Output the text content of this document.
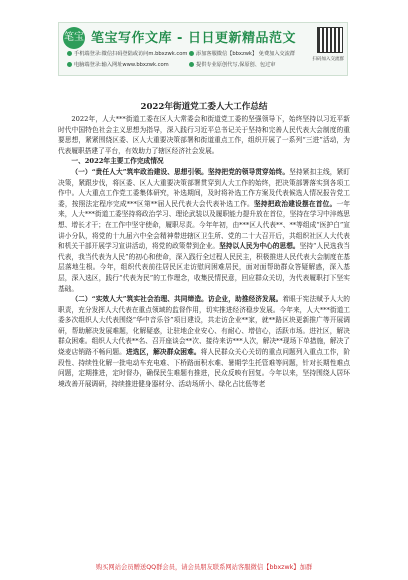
笔宝 笔宝写作文库 - 日日更新精品范文
手机端登录:微信扫码登陆或访问m.bbxzwk.com	添加客服微信【bbxzwk】 免费加入交流群
电脑端登录:输入网址www.bbxzwk.com	提供专业原创代写,保原创、包过审
扫码加入交流群
2022年街道党工委人大工作总结

2022年，人大***街道工委在区人大常委会和街道党工委的坚强领导下，始终坚持以习近平新时代中国特色社会主义思想为指导，深入践行习近平总书记关于坚持和完善人民代表大会制度的重要思想，紧紧围绕区委、区人大重要决策部署和街道重点工作，组织开展了一系列“三进”活动，为代表履职搭建了平台，有效助力了辖区经济社会发展。

一、2022年主要工作完成情况

（一）“贵任人大”筑牢政治建设、思想引领。坚持把党的领导贯穿始终。坚持紧扣主线，紧盯决策，紧跟步伐，将区委、区人大重要决策部署贯穿到人大工作的始终，把决策部署落实到各项工作中。人大重点工作党工委集体研究，补选期间，及时将补选工作方案及代表候选人情况报告党工委，按照法定程序完成***区第**届人民代表大会代表补选工作。坚持把政治建设摆在首位。一年来，人大***街道工委坚持将政治学习、理论武装以及履职能力提升放在首位，坚持在学习中淬炼思想、增长才干；在工作中坚守使命，履职尽责。今年年初，由***区人代表**、**等组成“医护白”宣讲小分队，将党的十九届六中全会精神带进辖区卫生所、党的二十大召开后，共组织社区人大代表和机关干部开展学习宣讲活动，将党的政策带到企业。坚持以人民为中心的思想。坚持“人民选我当代表，我当代表为人民”的初心和使命，深入践行全过程人民民主，积极推进人民代表大会制度在基层落地生根。今年，组织代表前往居民区走访慰问困难居民，面对面帮助群众答疑解惑，深入基层，深入选区，践行“代表为民”的工作理念，收集民情民意，回应群众关切，为代表履职打下坚实基础。

（二）“实效人大”筑实社会治理、共同缔造。访企业，助推经济发展。着眼于宪法赋予人大的职责，充分发挥人大代表在重点领域的监督作用，切实推进经济稳步发展。今年来，人大***街道工委多次组织人大代表围绕“华中音乐谷”项目建设，共走访企业**家，就**路区块更新推广等开展调研，帮助解决发展难题，化解疑惑，让驻地企业安心、有耐心、增信心，活跃市场。进社区，解决群众困难。组织人大代表**名、召开座谈会**次、接待来访***人次，解决**现场下单措施，解决了烧麦店销路不畅问题。进选区，解决群众困难。将人民群众关心关切的重点问题列入重点工作，阶段性、持续性化解一批电动车充电难、下桥路面积水难、暑期学生托管难等问题，针对长期性难点问题，定期推进，定时督办，确保民生难题有推进，民众反映有回复。今年以来，坚持围绕人居环境改善开展调研，持续推进健身器材分、活动场所小、绿化占比低等老

购买网站会员赠送QQ群会员，请会员朋友联系网站客服微信【bbxzwk】加群
